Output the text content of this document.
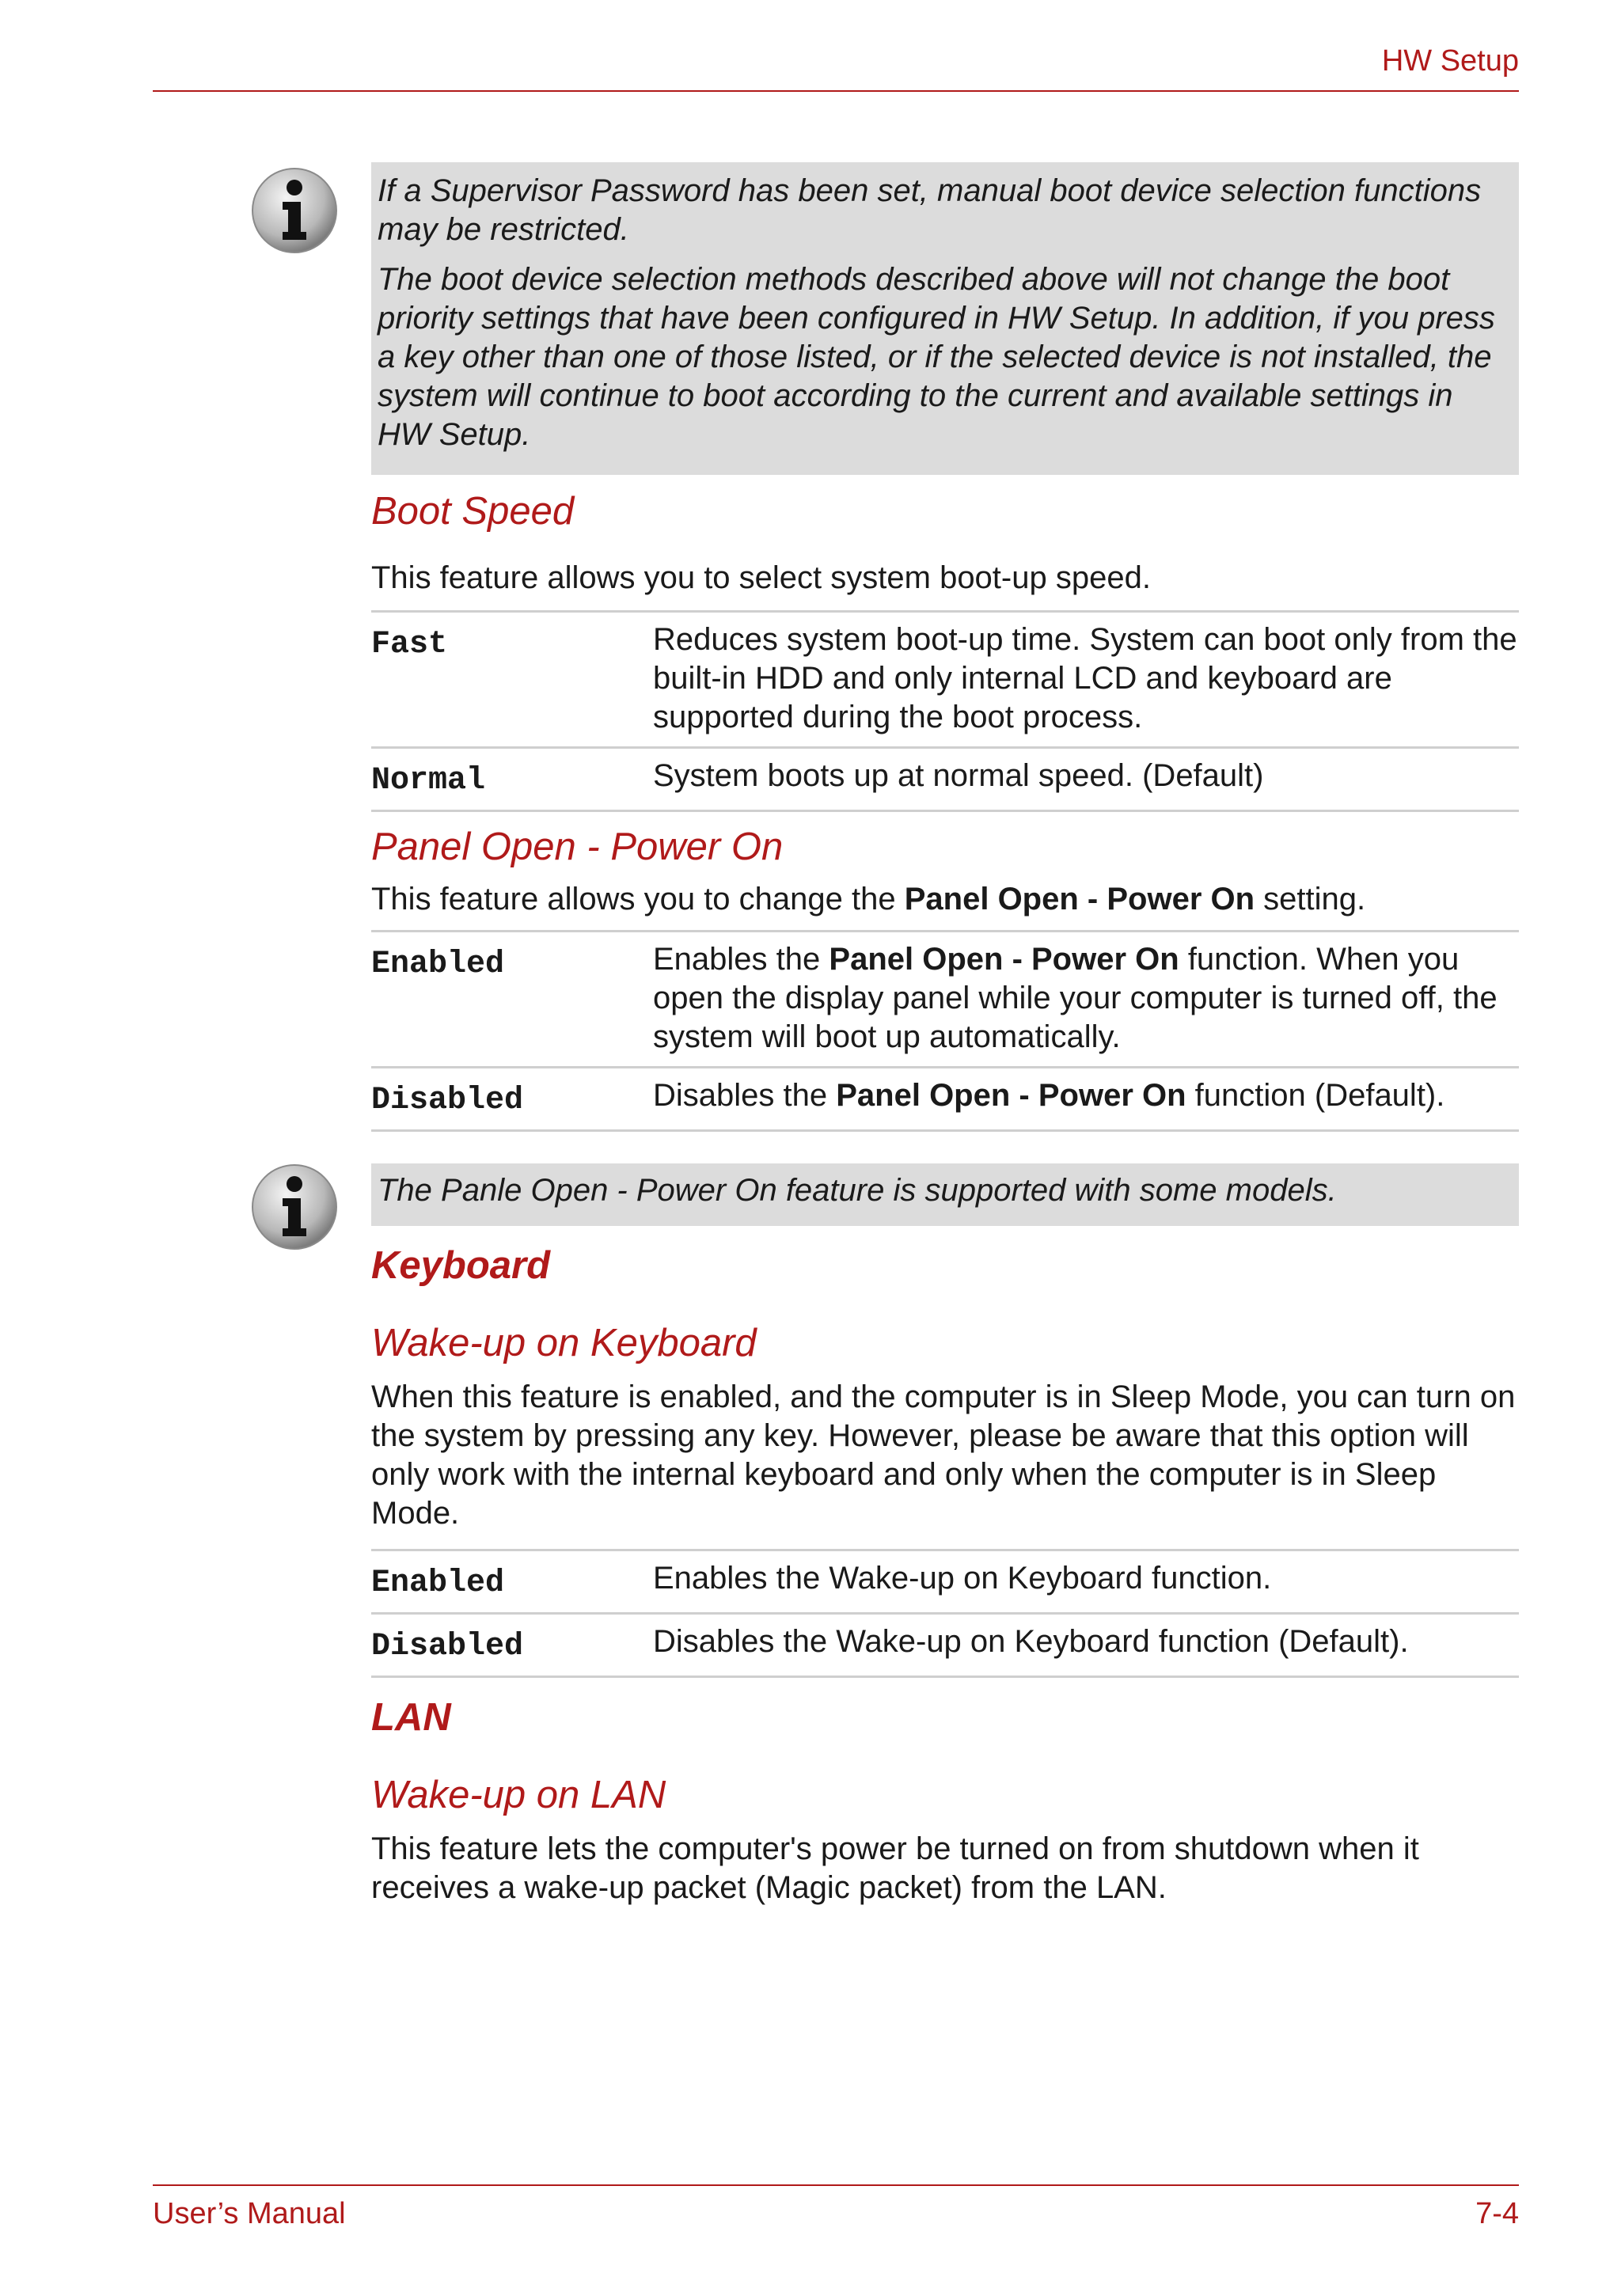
HW Setup

If a Supervisor Password has been set, manual boot device selection functions may be restricted.

The boot device selection methods described above will not change the boot priority settings that have been configured in HW Setup. In addition, if you press a key other than one of those listed, or if the selected device is not installed, the system will continue to boot according to the current and available settings in HW Setup.

Boot Speed

This feature allows you to select system boot-up speed.

Fast	Reduces system boot-up time. System can boot only from the built-in HDD and only internal LCD and keyboard are supported during the boot process.
Normal	System boots up at normal speed. (Default)
Panel Open - Power On

This feature allows you to change the Panel Open - Power On setting.

Enabled	Enables the Panel Open - Power On function. When you open the display panel while your computer is turned off, the system will boot up automatically.
Disabled	Disables the Panel Open - Power On function (Default).
The Panle Open - Power On feature is supported with some models.
Keyboard
Wake-up on Keyboard

When this feature is enabled, and the computer is in Sleep Mode, you can turn on the system by pressing any key. However, please be aware that this option will only work with the internal keyboard and only when the computer is in Sleep Mode.

Enabled	Enables the Wake-up on Keyboard function.
Disabled	Disables the Wake-up on Keyboard function (Default).
LAN
Wake-up on LAN

This feature lets the computer's power be turned on from shutdown when it receives a wake-up packet (Magic packet) from the LAN.

User’s Manual	7-4
